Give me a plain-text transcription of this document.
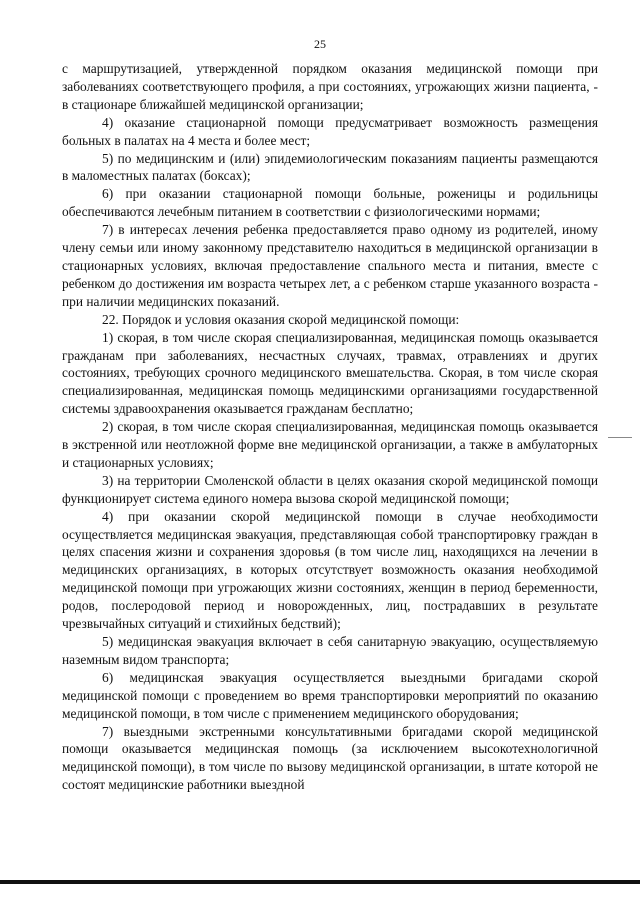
25

с маршрутизацией, утвержденной порядком оказания медицинской помощи при заболеваниях соответствующего профиля, а при состояниях, угрожающих жизни пациента, - в стационаре ближайшей медицинской организации;

4) оказание стационарной помощи предусматривает возможность размещения больных в палатах на 4 места и более мест;

5) по медицинским и (или) эпидемиологическим показаниям пациенты размещаются в маломестных палатах (боксах);

6) при оказании стационарной помощи больные, роженицы и родильницы обеспечиваются лечебным питанием в соответствии с физиологическими нормами;

7) в интересах лечения ребенка предоставляется право одному из родителей, иному члену семьи или иному законному представителю находиться в медицинской организации в стационарных условиях, включая предоставление спального места и питания, вместе с ребенком до достижения им возраста четырех лет, а с ребенком старше указанного возраста - при наличии медицинских показаний.

22. Порядок и условия оказания скорой медицинской помощи:

1) скорая, в том числе скорая специализированная, медицинская помощь оказывается гражданам при заболеваниях, несчастных случаях, травмах, отравлениях и других состояниях, требующих срочного медицинского вмешательства. Скорая, в том числе скорая специализированная, медицинская помощь медицинскими организациями государственной системы здравоохранения оказывается гражданам бесплатно;

2) скорая, в том числе скорая специализированная, медицинская помощь оказывается в экстренной или неотложной форме вне медицинской организации, а также в амбулаторных и стационарных условиях;

3) на территории Смоленской области в целях оказания скорой медицинской помощи функционирует система единого номера вызова скорой медицинской помощи;

4) при оказании скорой медицинской помощи в случае необходимости осуществляется медицинская эвакуация, представляющая собой транспортировку граждан в целях спасения жизни и сохранения здоровья (в том числе лиц, находящихся на лечении в медицинских организациях, в которых отсутствует возможность оказания необходимой медицинской помощи при угрожающих жизни состояниях, женщин в период беременности, родов, послеродовой период и новорожденных, лиц, пострадавших в результате чрезвычайных ситуаций и стихийных бедствий);

5) медицинская эвакуация включает в себя санитарную эвакуацию, осуществляемую наземным видом транспорта;

6) медицинская эвакуация осуществляется выездными бригадами скорой медицинской помощи с проведением во время транспортировки мероприятий по оказанию медицинской помощи, в том числе с применением медицинского оборудования;

7) выездными экстренными консультативными бригадами скорой медицинской помощи оказывается медицинская помощь (за исключением высокотехнологичной медицинской помощи), в том числе по вызову медицинской организации, в штате которой не состоят медицинские работники выездной
